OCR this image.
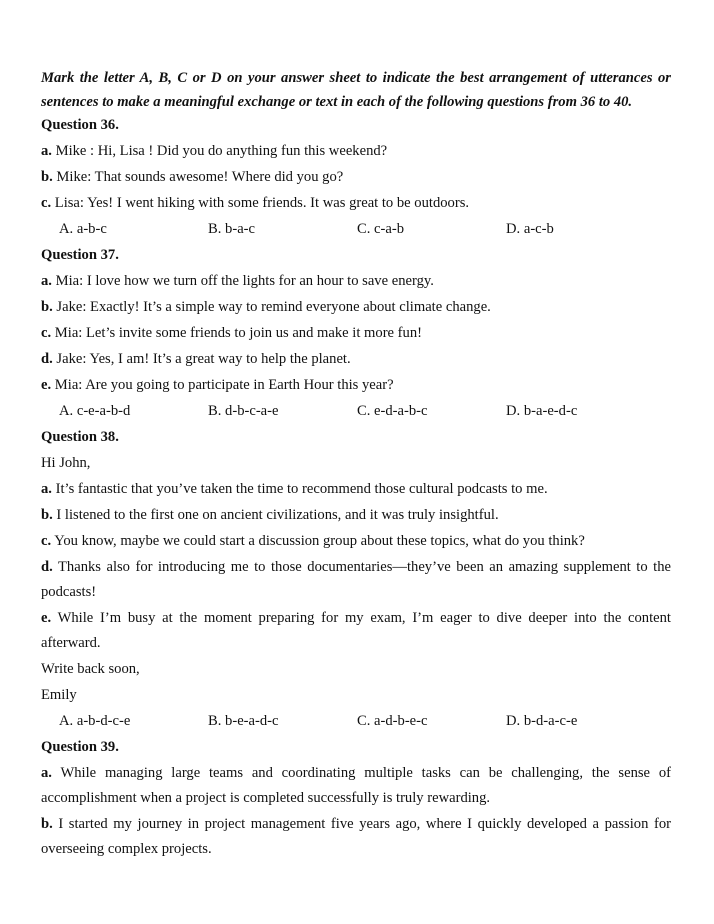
Mark the letter A, B, C or D on your answer sheet to indicate the best arrangement of utterances or
sentences to make a meaningful exchange or text in each of the following questions from 36 to 40.
Question 36.
a. Mike : Hi, Lisa ! Did you do anything fun this weekend?
b. Mike: That sounds awesome! Where did you go?
c. Lisa: Yes! I went hiking with some friends. It was great to be outdoors.
A. a-b-c	B. b-a-c	C. c-a-b	D. a-c-b
Question 37.
a. Mia: I love how we turn off the lights for an hour to save energy.
b. Jake: Exactly! It’s a simple way to remind everyone about climate change.
c. Mia: Let’s invite some friends to join us and make it more fun!
d. Jake: Yes, I am! It’s a great way to help the planet.
e. Mia: Are you going to participate in Earth Hour this year?
A. c-e-a-b-d	B. d-b-c-a-e	C. e-d-a-b-c	D. b-a-e-d-c
Question 38.
Hi John,
a. It’s fantastic that you’ve taken the time to recommend those cultural podcasts to me.
b. I listened to the first one on ancient civilizations, and it was truly insightful.
c. You know, maybe we could start a discussion group about these topics, what do you think?
d. Thanks also for introducing me to those documentaries—they’ve been an amazing supplement to the
podcasts!
e. While I’m busy at the moment preparing for my exam, I’m eager to dive deeper into the content
afterward.
Write back soon,
Emily
A. a-b-d-c-e	B. b-e-a-d-c	C. a-d-b-e-c	D. b-d-a-c-e
Question 39.
a. While managing large teams and coordinating multiple tasks can be challenging, the sense of
accomplishment when a project is completed successfully is truly rewarding.
b. I started my journey in project management five years ago, where I quickly developed a passion for
overseeing complex projects.
